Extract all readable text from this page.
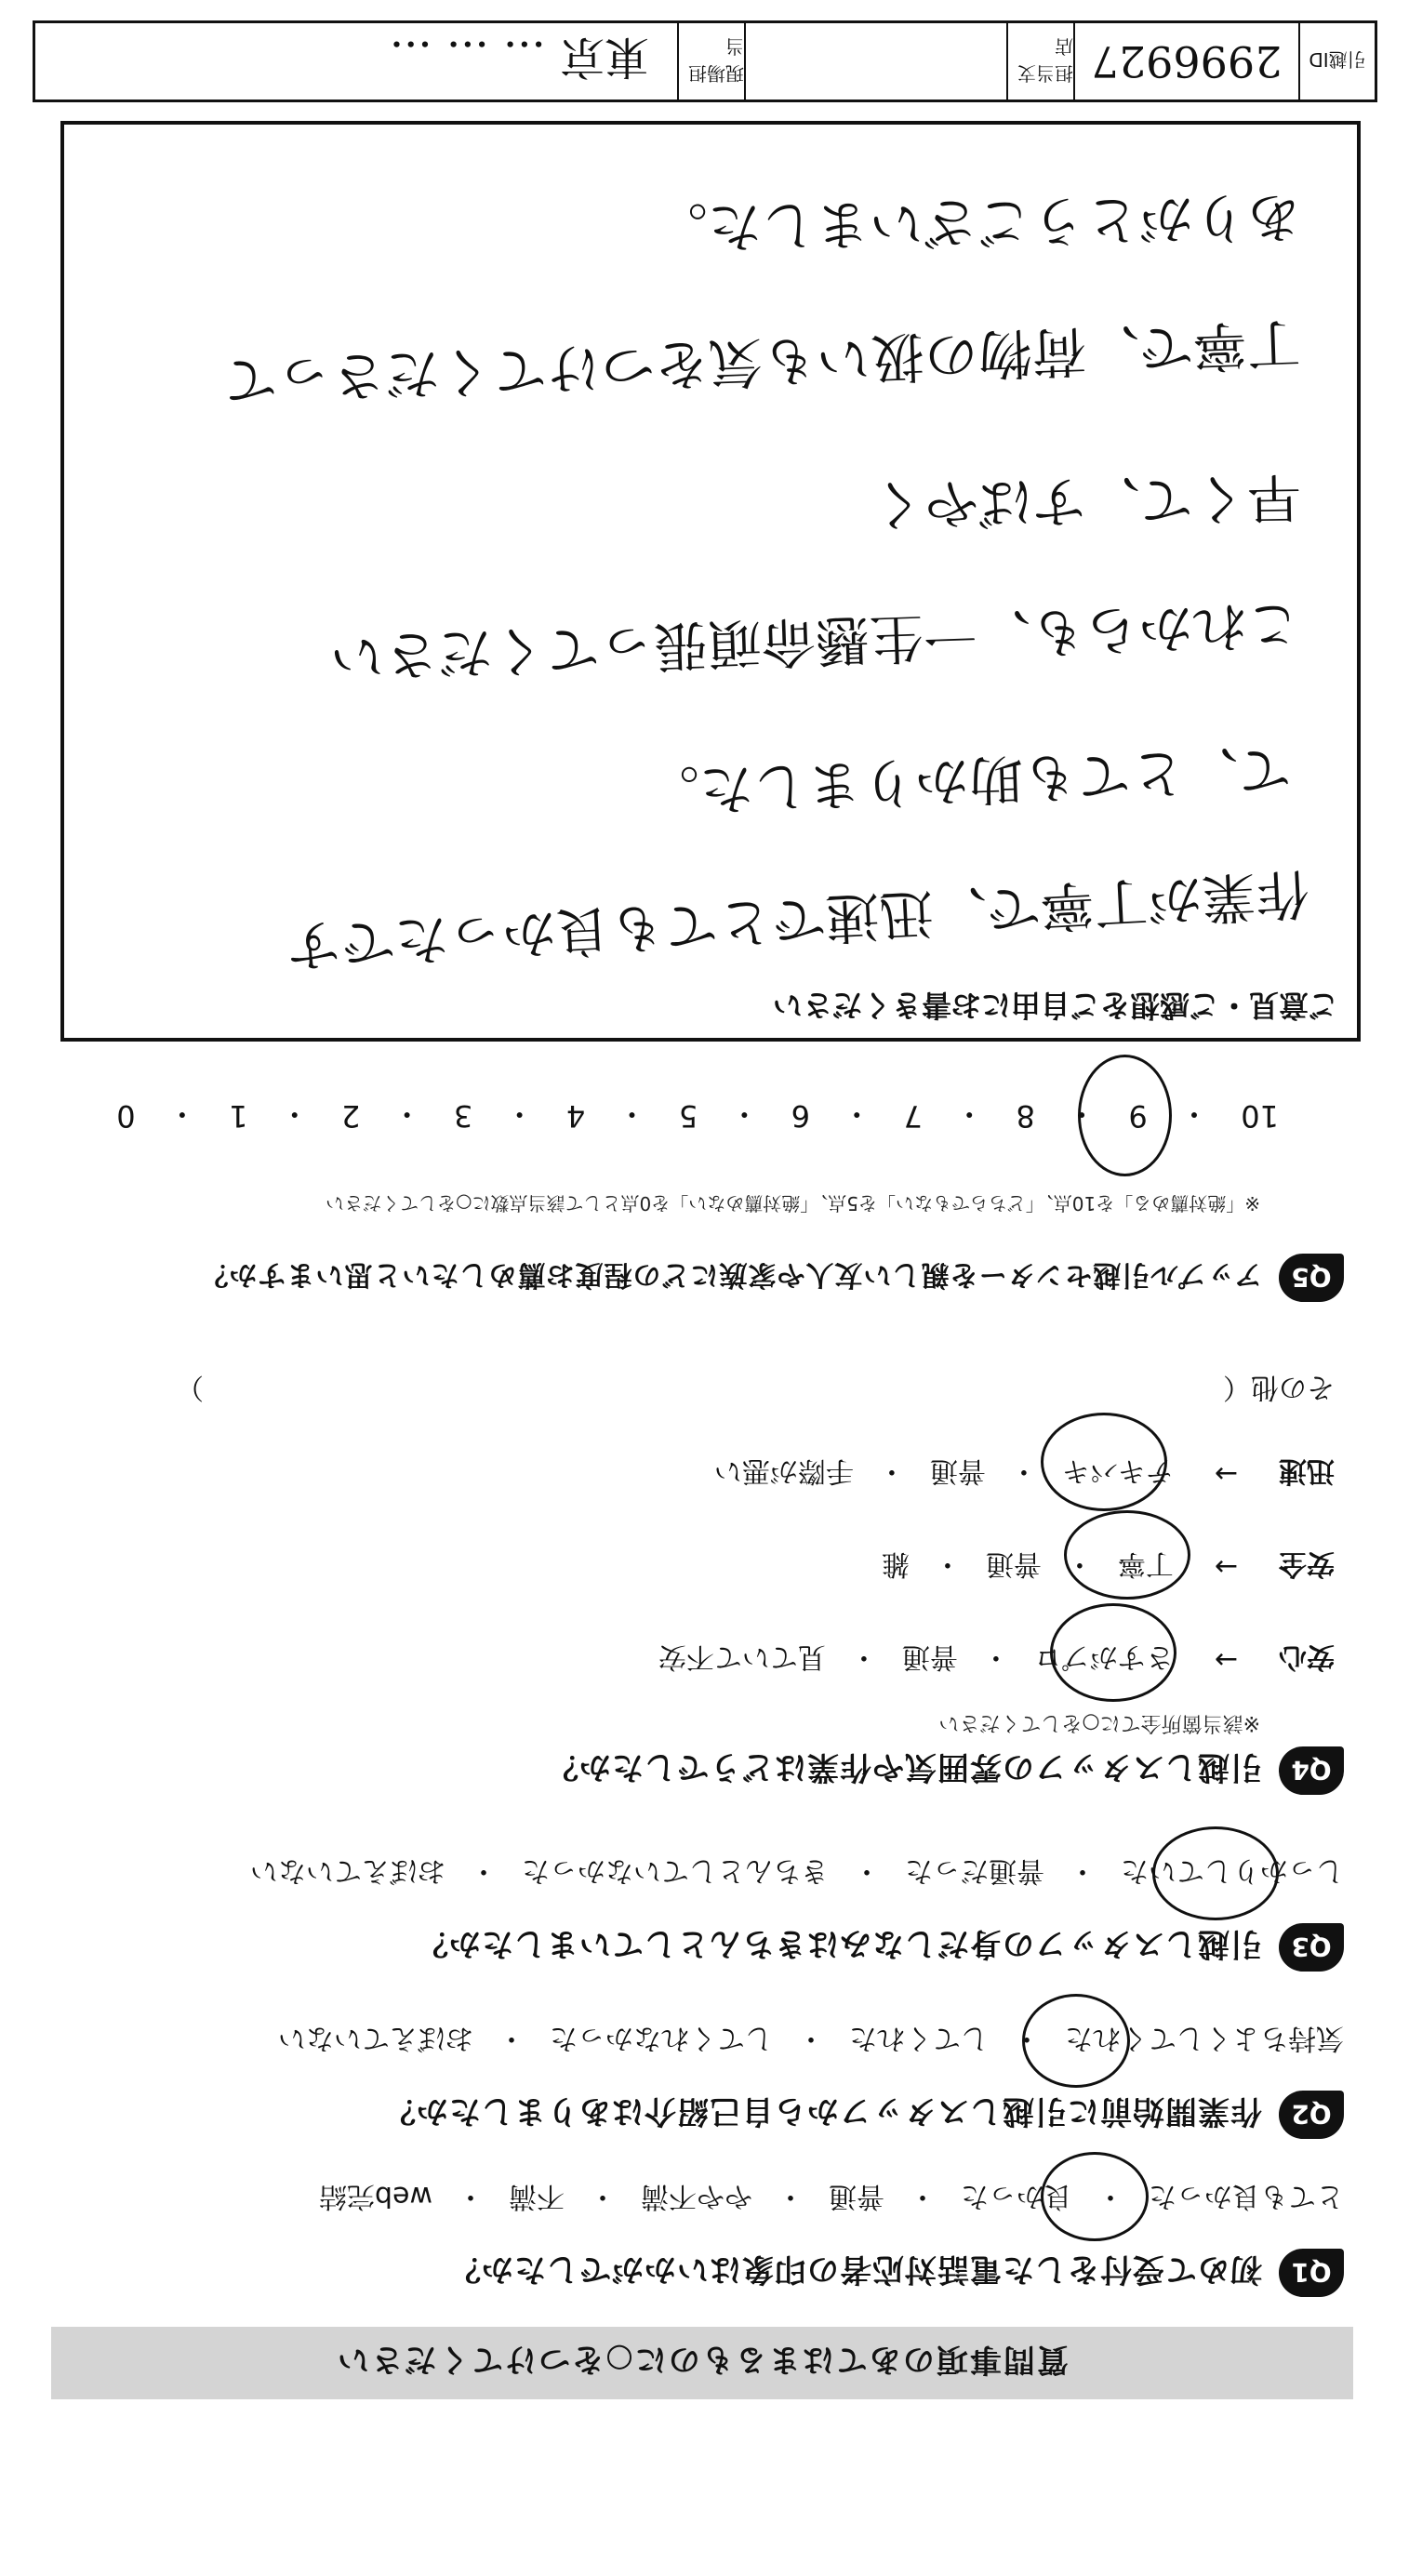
質問事項のあてはまるものに○をつけてください
Q1
初めて受付をした電話対応者の印象はいかがでしたか？
とても良かった
・
良かった
・
普通
・
やや不満
・
不満
・
web完結
Q2
作業開始前に引越しスタッフから自己紹介はありましたか？
気持ちよくしてくれた
・
してくれた
・
してくれなかった
・
おぼえていない
Q3
引越しスタッフの身だしなみはきちんとしていましたか？
しっかりしていた
・
普通だった
・
きちんとしていなかった
・
おぼえていない
Q4
引越しスタッフの雰囲気や作業はどうでしたか？
※該当箇所全てに○をしてください
安心
→
さすがプロ
・
普通
・
見ていて不安
安全
→
丁寧
・
普通
・
雑
迅速
→
テキパキ
・
普通
・
手際が悪い
その他（
）
Q5
アップル引越センターを親しい友人や家族にどの程度お薦めしたいと思いますか？
※「絶対薦める」を10点、「どちらでもない」を5点、「絶対薦めない」を0点として該当点数に○をしてください
10
・
9
・
8
・
7
・
6
・
5
・
4
・
3
・
2
・
1
・
0
ご意見・ご感想をご自由にお書きください
作業が丁寧で、迅速でとても良かったです
て、とても助かりました。
これからも、一生懸命頑張ってください
早くて、すばやく
丁寧で、荷物の扱いも気をつけてくださって
ありがとうございました。
引越ID
2996927
担当支店
現場担当
東京 ... ... ...
